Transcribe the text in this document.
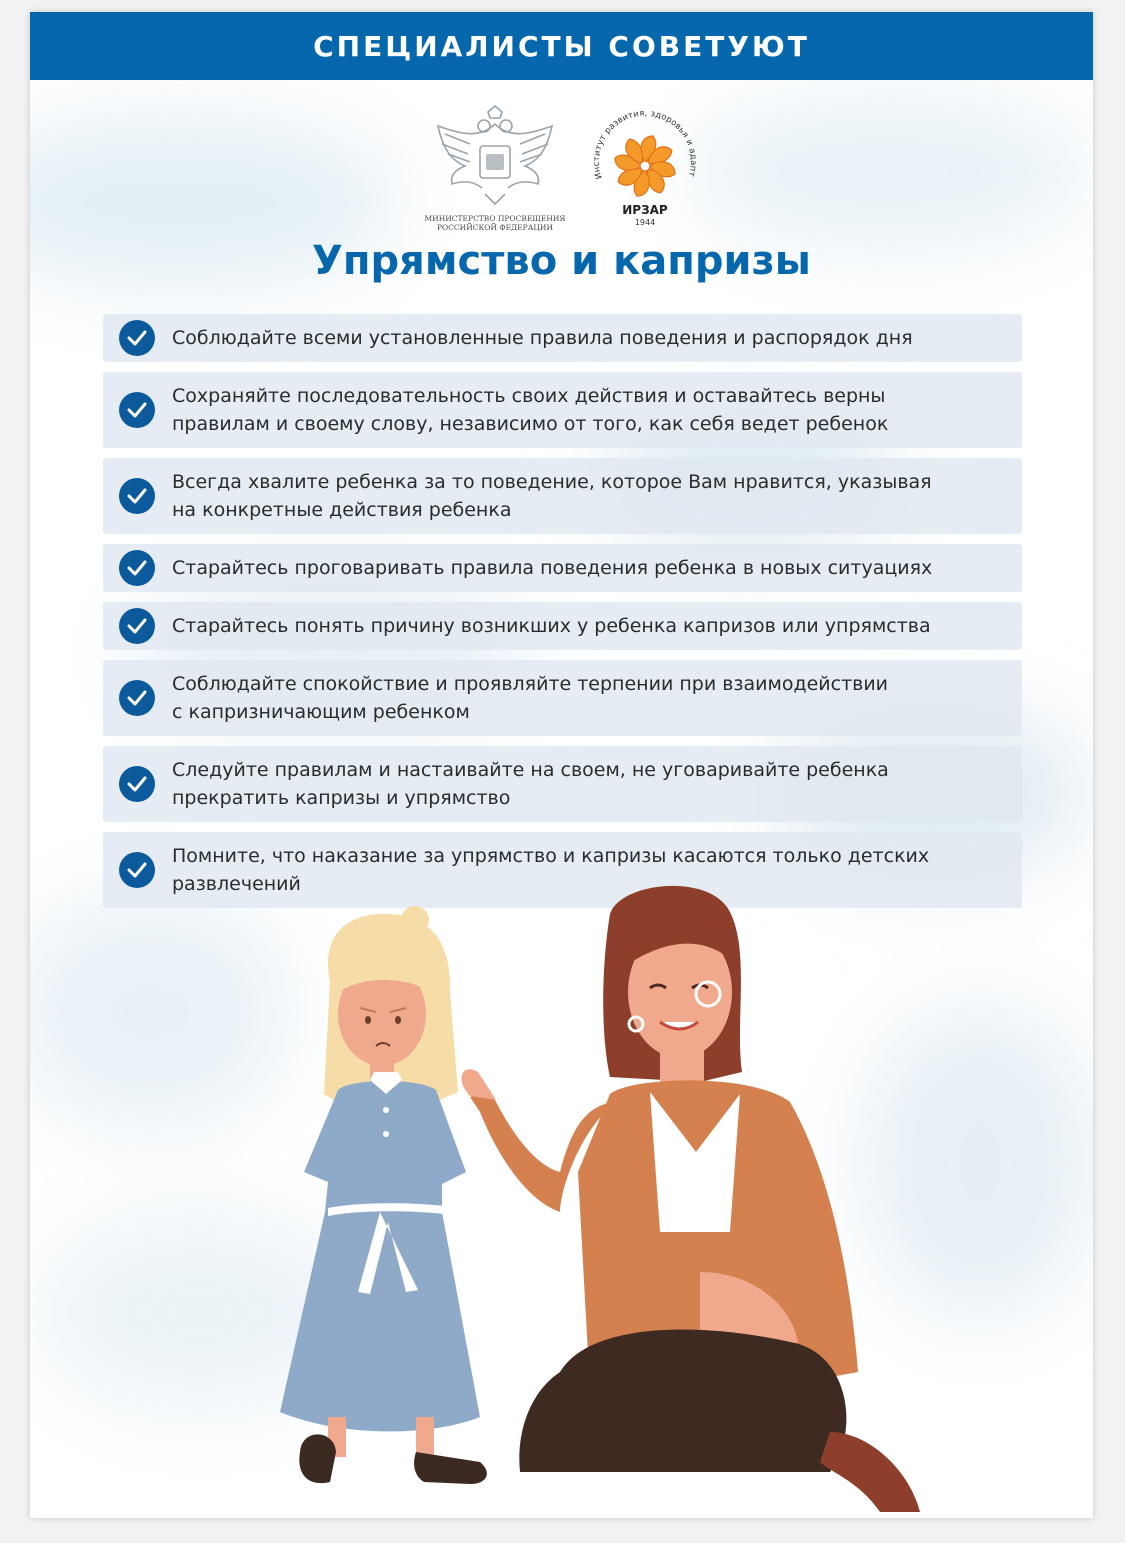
СПЕЦИАЛИСТЫ СОВЕТУЮТ
МИНИСТЕРСТВО ПРОСВЕЩЕНИЯ
РОССИЙСКОЙ ФЕДЕРАЦИИ
Институт развития, здоровья и адапт
ИРЗАР
1944
Упрямство и капризы
Соблюдайте всеми установленные правила поведения и распорядок дня
Сохраняйте последовательность своих действия и оставайтесь верны
правилам и своему слову, независимо от того, как себя ведет ребенок
Всегда хвалите ребенка за то поведение, которое Вам нравится, указывая
на конкретные действия ребенка
Старайтесь проговаривать правила поведения ребенка в новых ситуациях
Старайтесь понять причину возникших у ребенка капризов или упрямства
Соблюдайте спокойствие и проявляйте терпении при взаимодействии
с капризничающим ребенком
Следуйте правилам и настаивайте на своем, не уговаривайте ребенка
прекратить капризы и упрямство
Помните, что наказание за упрямство и капризы касаются только детских
развлечений
